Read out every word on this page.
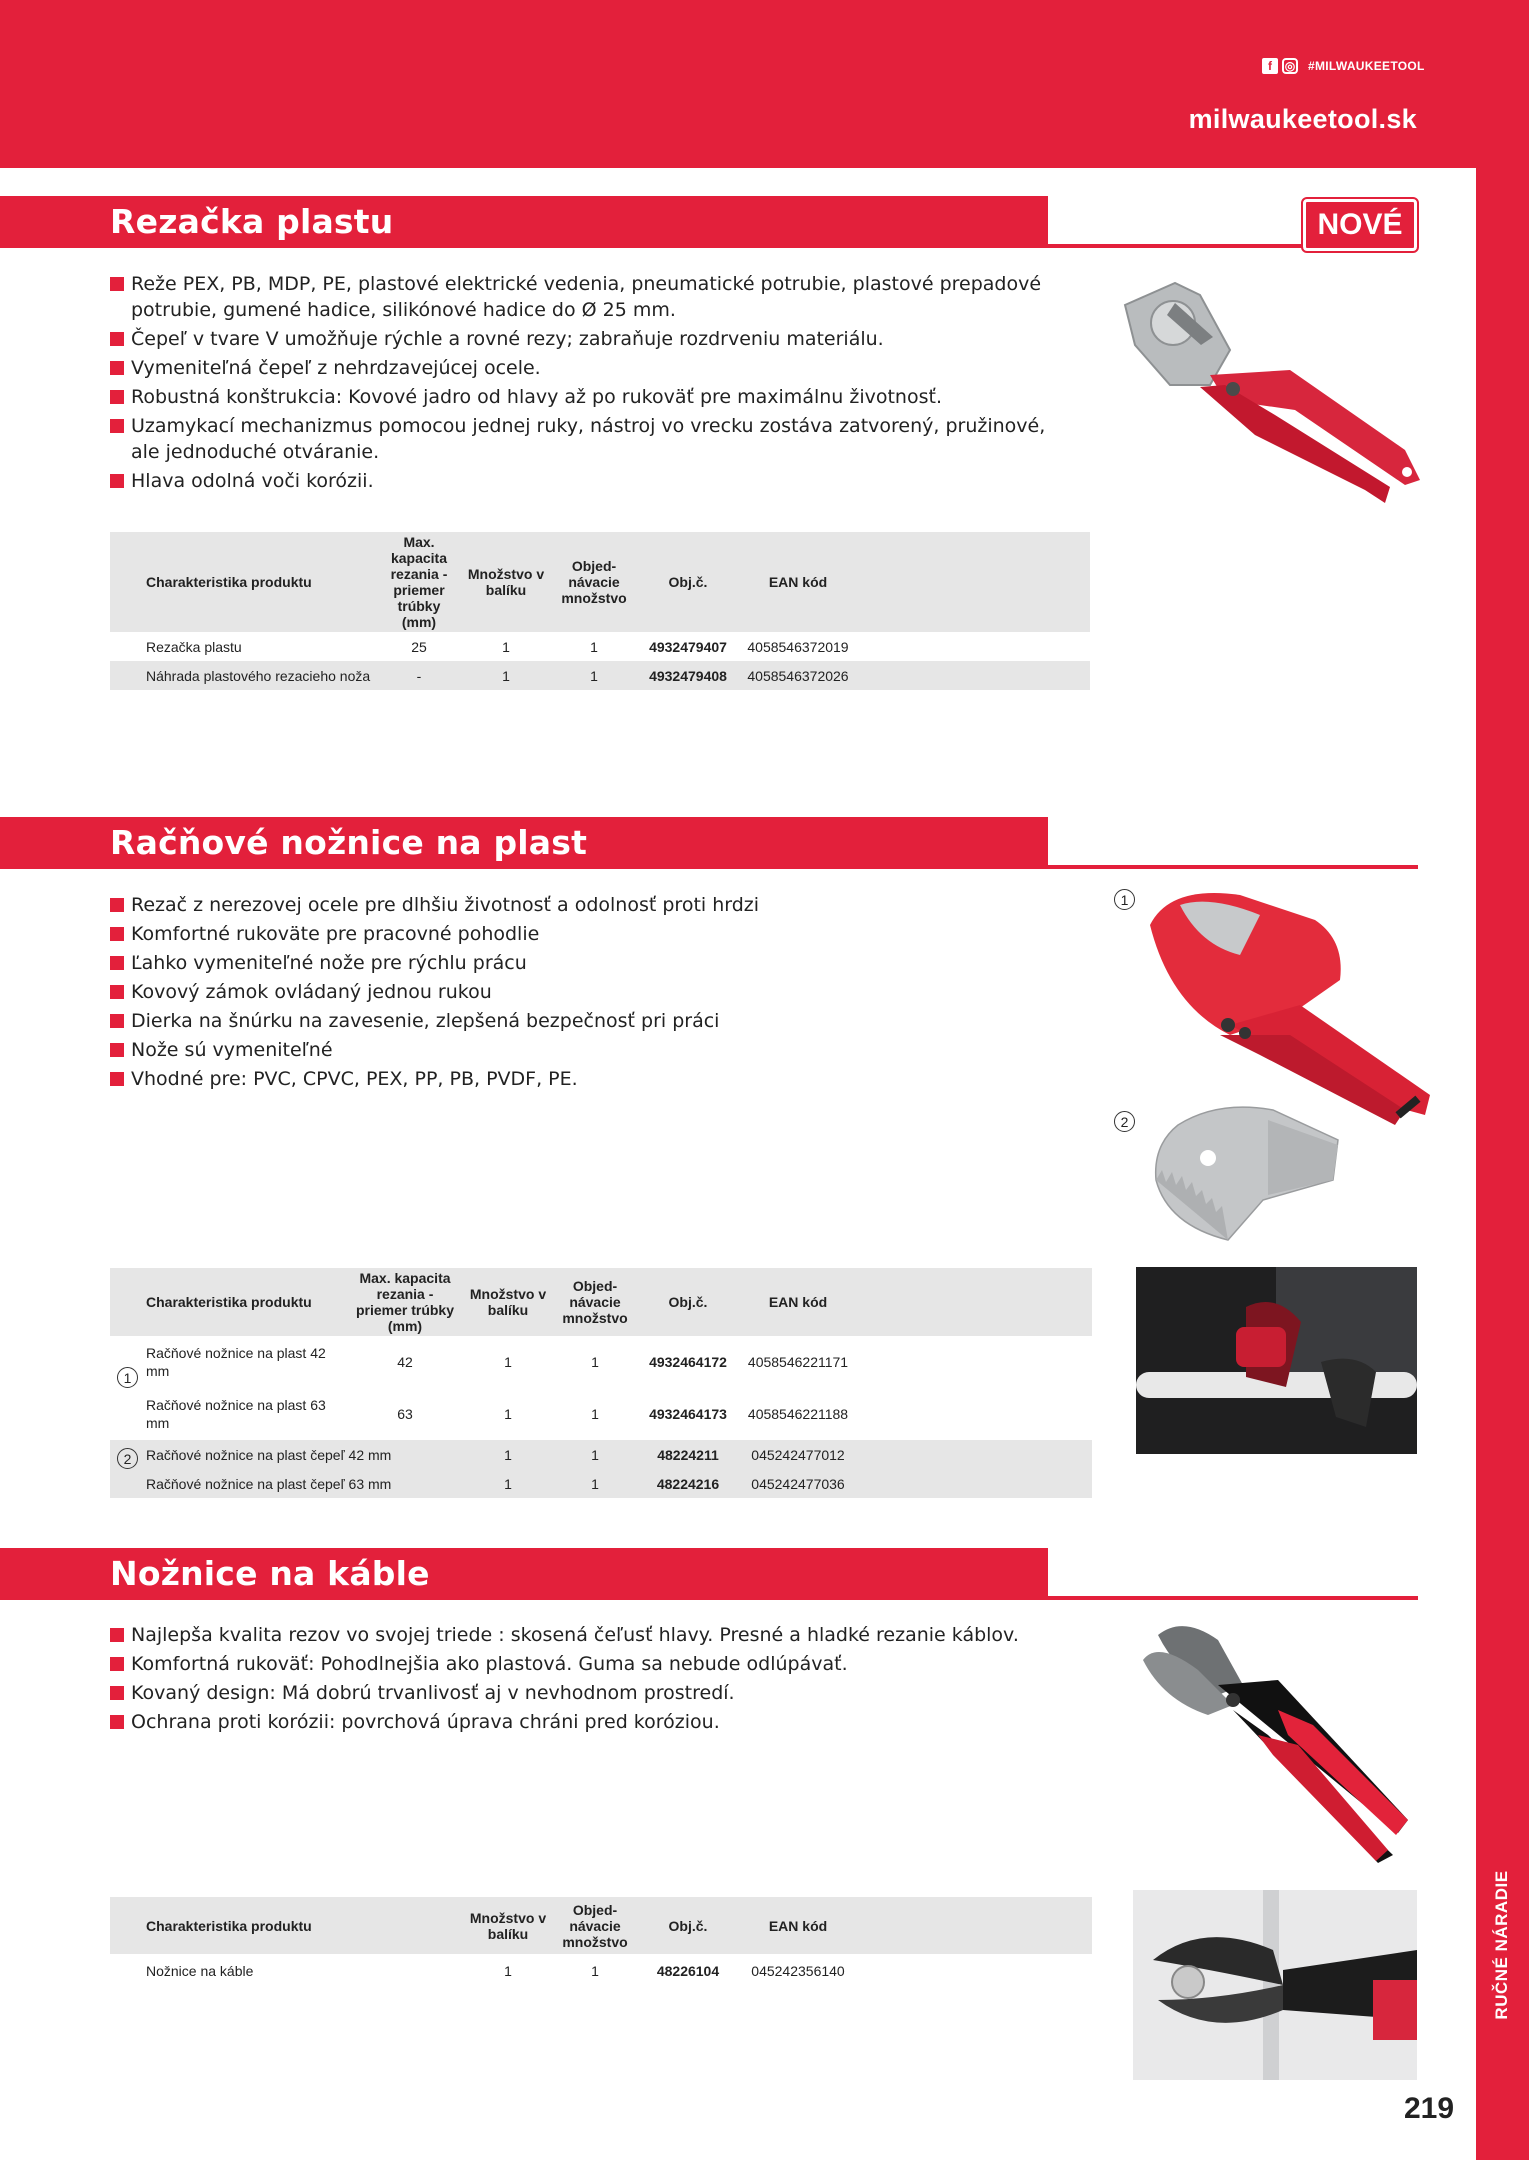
f	◎ #MILWAUKEETOOL
milwaukeetool.sk
RUČNÉ NÁRADIE
Rezačka plastu	NOVÉ
Reže PEX, PB, MDP, PE, plastové elektrické vedenia, pneumatické potrubie, plastové prepadové potrubie, gumené hadice, silikónové hadice do Ø 25 mm.
Čepeľ v tvare V umožňuje rýchle a rovné rezy; zabraňuje rozdrveniu materiálu.
Vymeniteľná čepeľ z nehrdzavejúcej ocele.
Robustná konštrukcia: Kovové jadro od hlavy až po rukoväť pre maximálnu životnosť.
Uzamykací mechanizmus pomocou jednej ruky, nástroj vo vrecku zostáva zatvorený, pružinové, ale jednoduché otváranie.
Hlava odolná voči korózii.
Charakteristika produktu	Max. kapacita rezania - priemer trúbky (mm)	Množstvo v balíku	Objed-návacie množstvo	Obj.č.	EAN kód	
Rezačka plastu	25	1	1	4932479407	4058546372019	
Náhrada plastového rezacieho noža	-	1	1	4932479408	4058546372026	
Račňové nožnice na plast
Rezač z nerezovej ocele pre dlhšiu životnosť a odolnosť proti hrdzi
Komfortné rukoväte pre pracovné pohodlie
Ľahko vymeniteľné nože pre rýchlu prácu
Kovový zámok ovládaný jednou rukou
Dierka na šnúrku na zavesenie, zlepšená bezpečnosť pri práci
Nože sú vymeniteľné
Vhodné pre: PVC, CPVC, PEX, PP, PB, PVDF, PE.
1
2
Charakteristika produktu	Max. kapacita rezania - priemer trúbky (mm)	Množstvo v balíku	Objed-návacie množstvo	Obj.č.	EAN kód	
Račňové nožnice na plast 42 mm	42	1	1	4932464172	4058546221171	
Račňové nožnice na plast 63 mm	63	1	1	4932464173	4058546221188	
Račňové nožnice na plast čepeľ 42 mm		1	1	48224211	045242477012	
Račňové nožnice na plast čepeľ 63 mm		1	1	48224216	045242477036	
1
2
Nožnice na káble
Najlepša kvalita rezov vo svojej triede : skosená čeľusť hlavy. Presné a hladké rezanie káblov.
Komfortná rukoväť: Pohodlnejšia ako plastová. Guma sa nebude odlúpávať.
Kovaný design: Má dobrú trvanlivosť aj v nevhodnom prostredí.
Ochrana proti korózii: povrchová úprava chráni pred koróziou.
Charakteristika produktu	Množstvo v balíku	Objed-návacie množstvo	Obj.č.	EAN kód	
Nožnice na káble	1	1	48226104	045242356140	
219
